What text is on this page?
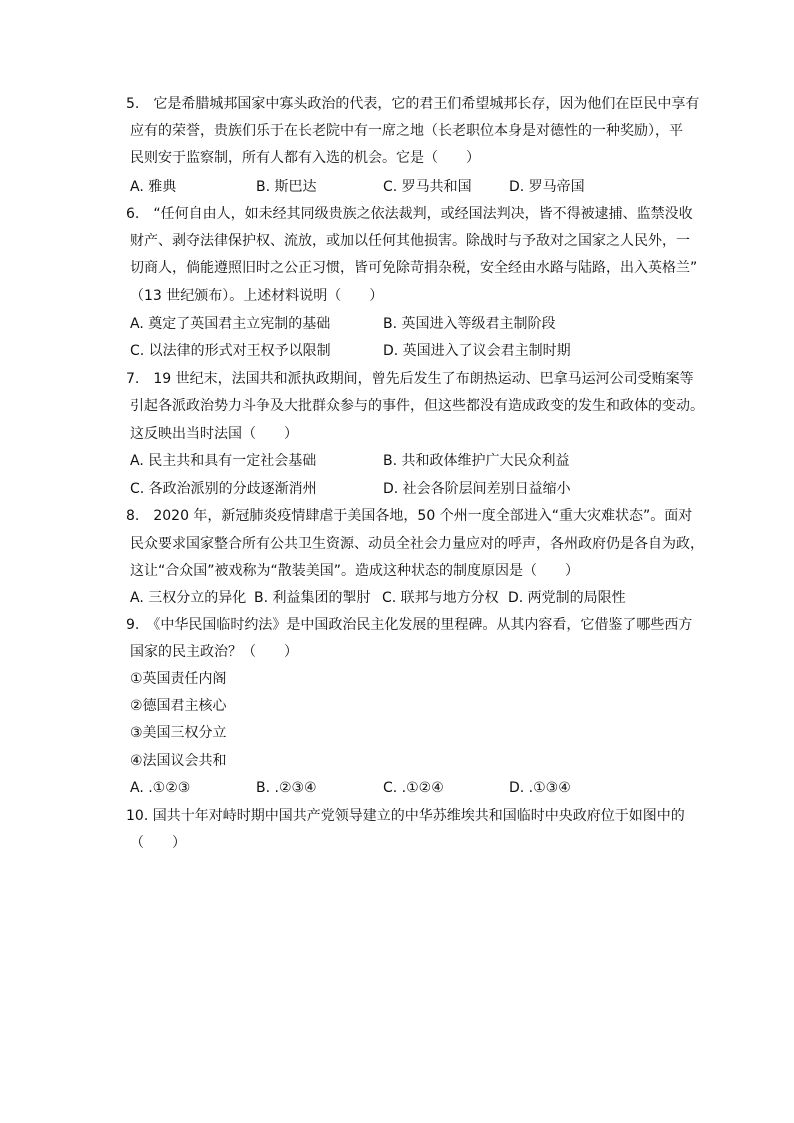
5.　它是希腊城邦国家中寡头政治的代表，它的君王们希望城邦长存，因为他们在臣民中享有
应有的荣誉，贵族们乐于在长老院中有一席之地（长老职位本身是对德性的一种奖励），平
民则安于监察制，所有人都有入选的机会。它是（　　）
A. 雅典	B. 斯巴达	C. 罗马共和国	D. 罗马帝国
6.　“任何自由人，如未经其同级贵族之依法裁判，或经国法判决，皆不得被逮捕、监禁没收
财产、剥夺法律保护权、流放，或加以任何其他损害。除战时与予敌对之国家之人民外，一
切商人，倘能遵照旧时之公正习惯，皆可免除苛捐杂税，安全经由水路与陆路，出入英格兰”
（13 世纪颁布）。上述材料说明（　　）
A. 奠定了英国君主立宪制的基础	B. 英国进入等级君主制阶段
C. 以法律的形式对王权予以限制	D. 英国进入了议会君主制时期
7.　19 世纪末，法国共和派执政期间，曾先后发生了布朗热运动、巴拿马运河公司受贿案等
引起各派政治势力斗争及大批群众参与的事件，但这些都没有造成政变的发生和政体的变动。
这反映出当时法国（　　）
A. 民主共和具有一定社会基础	B. 共和政体维护广大民众利益
C. 各政治派别的分歧逐渐消州	D. 社会各阶层间差别日益缩小
8.　2020 年，新冠肺炎疫情肆虐于美国各地，50 个州一度全部进入“重大灾难状态”。面对
民众要求国家整合所有公共卫生资源、动员全社会力量应对的呼声，各州政府仍是各自为政，
这让“合众国”被戏称为“散装美国”。造成这种状态的制度原因是（　　）
A. 三权分立的异化 B. 利益集团的掣肘 C. 联邦与地方分权 D. 两党制的局限性
9.　《中华民国临时约法》是中国政治民主化发展的里程碑。从其内容看，它借鉴了哪些西方
国家的民主政治？（　　）
①英国责任内阁
②德国君主核心
③美国三权分立
④法国议会共和
A. .①②③	B. .②③④	C. .①②④	D. .①③④
10. 国共十年对峙时期中国共产党领导建立的中华苏维埃共和国临时中央政府位于如图中的
（　　）
